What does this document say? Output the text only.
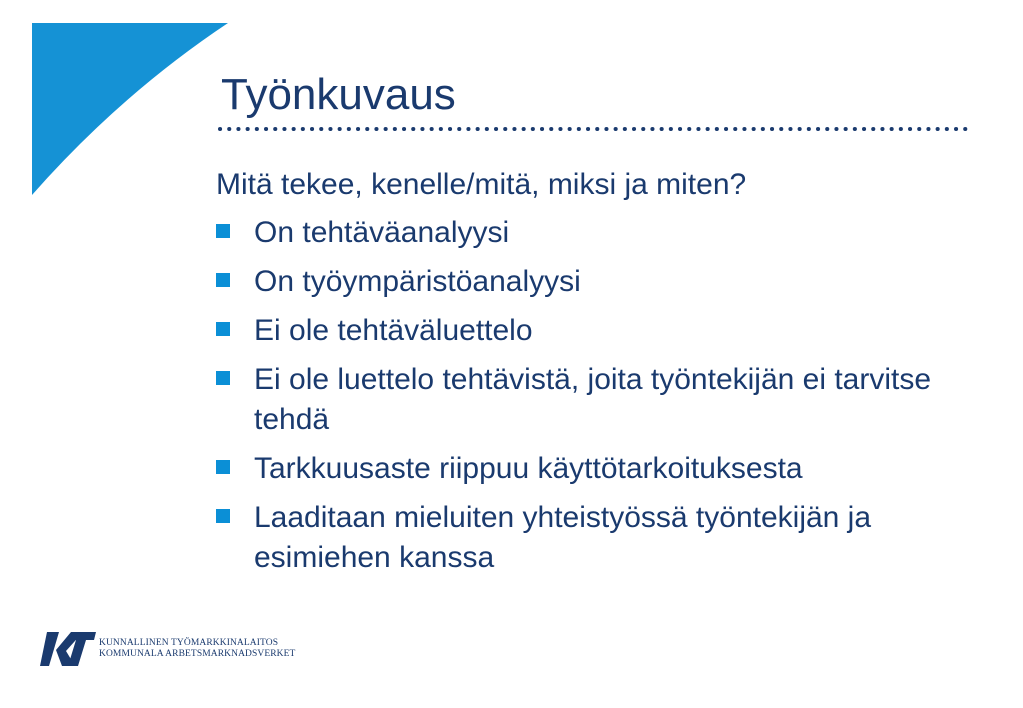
Työnkuvaus

Mitä tekee, kenelle/mitä, miksi ja miten?

On tehtäväanalyysi
On työympäristöanalyysi
Ei ole tehtäväluettelo
Ei ole luettelo tehtävistä, joita työntekijän ei tarvitse tehdä
Tarkkuusaste riippuu käyttötarkoituksesta
Laaditaan mieluiten yhteistyössä työntekijän ja esimiehen kanssa
KUNNALLINEN TYÖMARKKINALAITOS
KOMMUNALA ARBETSMARKNADSVERKET
